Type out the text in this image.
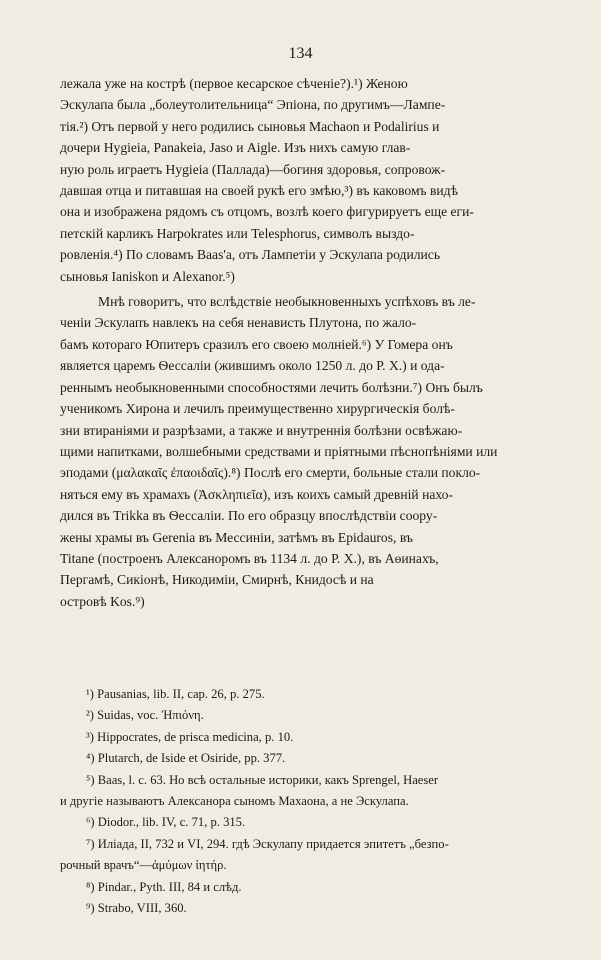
134
лежала уже на кострѣ (первое кесарское сѣченіе?).¹) Женою
Эскулапа была „болеутолительница“ Эпіона, по другимъ—Лампе-
тія.²) Отъ первой у него родились сыновья Machaon и Podalirius и
дочери Hygieia, Panakeia, Jaso и Aigle. Изъ нихъ самую глав-
ную роль играетъ Hygieia (Паллада)—богиня здоровья, сопровож-
давшая отца и питавшая на своей рукѣ его змѣю,³) въ каковомъ видѣ
она и изображена рядомъ съ отцомъ, возлѣ коего фигурируетъ еще еги-
петскій карликъ Harpokrates или Telesphorus, символъ выздо-
ровленія.⁴) По словамъ Baas'а, отъ Лампетіи у Эскулапа родились
сыновья Ianiskon и Alexanor.⁵)
Мнѣ говоритъ, что вслѣдствіе необыкновенныхъ успѣховъ въ ле-
ченіи Эскулапъ навлекъ на себя ненависть Плутона, по жало-
бамъ котораго Юпитеръ сразилъ его своею молніей.⁶) У Гомера онъ
является царемъ Ѳессаліи (жившимъ около 1250 л. до Р. Х.) и ода-
реннымъ необыкновенными способностями лечить болѣзни.⁷) Онъ былъ
ученикомъ Хирона и лечилъ преимущественно хирургическія болѣ-
зни втираніями и разрѣзами, а также и внутреннія болѣзни освѣжаю-
щими напитками, волшебными средствами и пріятными пѣснопѣніями или
эподами (μαλακαῖς ἐπαοιδαῖς).⁸) Послѣ его смерти, больные стали покло-
няться ему въ храмахъ (Ἀσκληπιεῖα), изъ коихъ самый древній нахо-
дился въ Trikka въ Ѳессаліи. По его образцу впослѣдствіи соору-
жены храмы въ Gerenia въ Мессиніи, затѣмъ въ Epidauros, въ
Titane (построенъ Алексаноромъ въ 1134 л. до Р. Х.), въ Аѳинахъ,
Пергамѣ, Сикіонѣ, Никодиміи, Смирнѣ, Книдосѣ и на
островѣ Kos.⁹)
¹) Pausanias, lib. II, cap. 26, p. 275.
²) Suidas, voc. Ἠπιόνη.
³) Hippocrates, de prisca medicina, p. 10.
⁴) Plutarch, de Iside et Osiride, pp. 377.
⁵) Baas, l. c. 63. Но всѣ остальные историки, какъ Sprengel, Haeser
и другіе называютъ Алексанора сыномъ Махаона, а не Эскулапа.
⁶) Diodor., lib. IV, c. 71, p. 315.
⁷) Иліада, II, 732 и VI, 294. гдѣ Эскулапу придается эпитетъ „безпо-
рочный врачъ“—ἀμύμων ἰητήρ.
⁸) Pindar., Pyth. III, 84 и слѣд.
⁹) Strabo, VIII, 360.
